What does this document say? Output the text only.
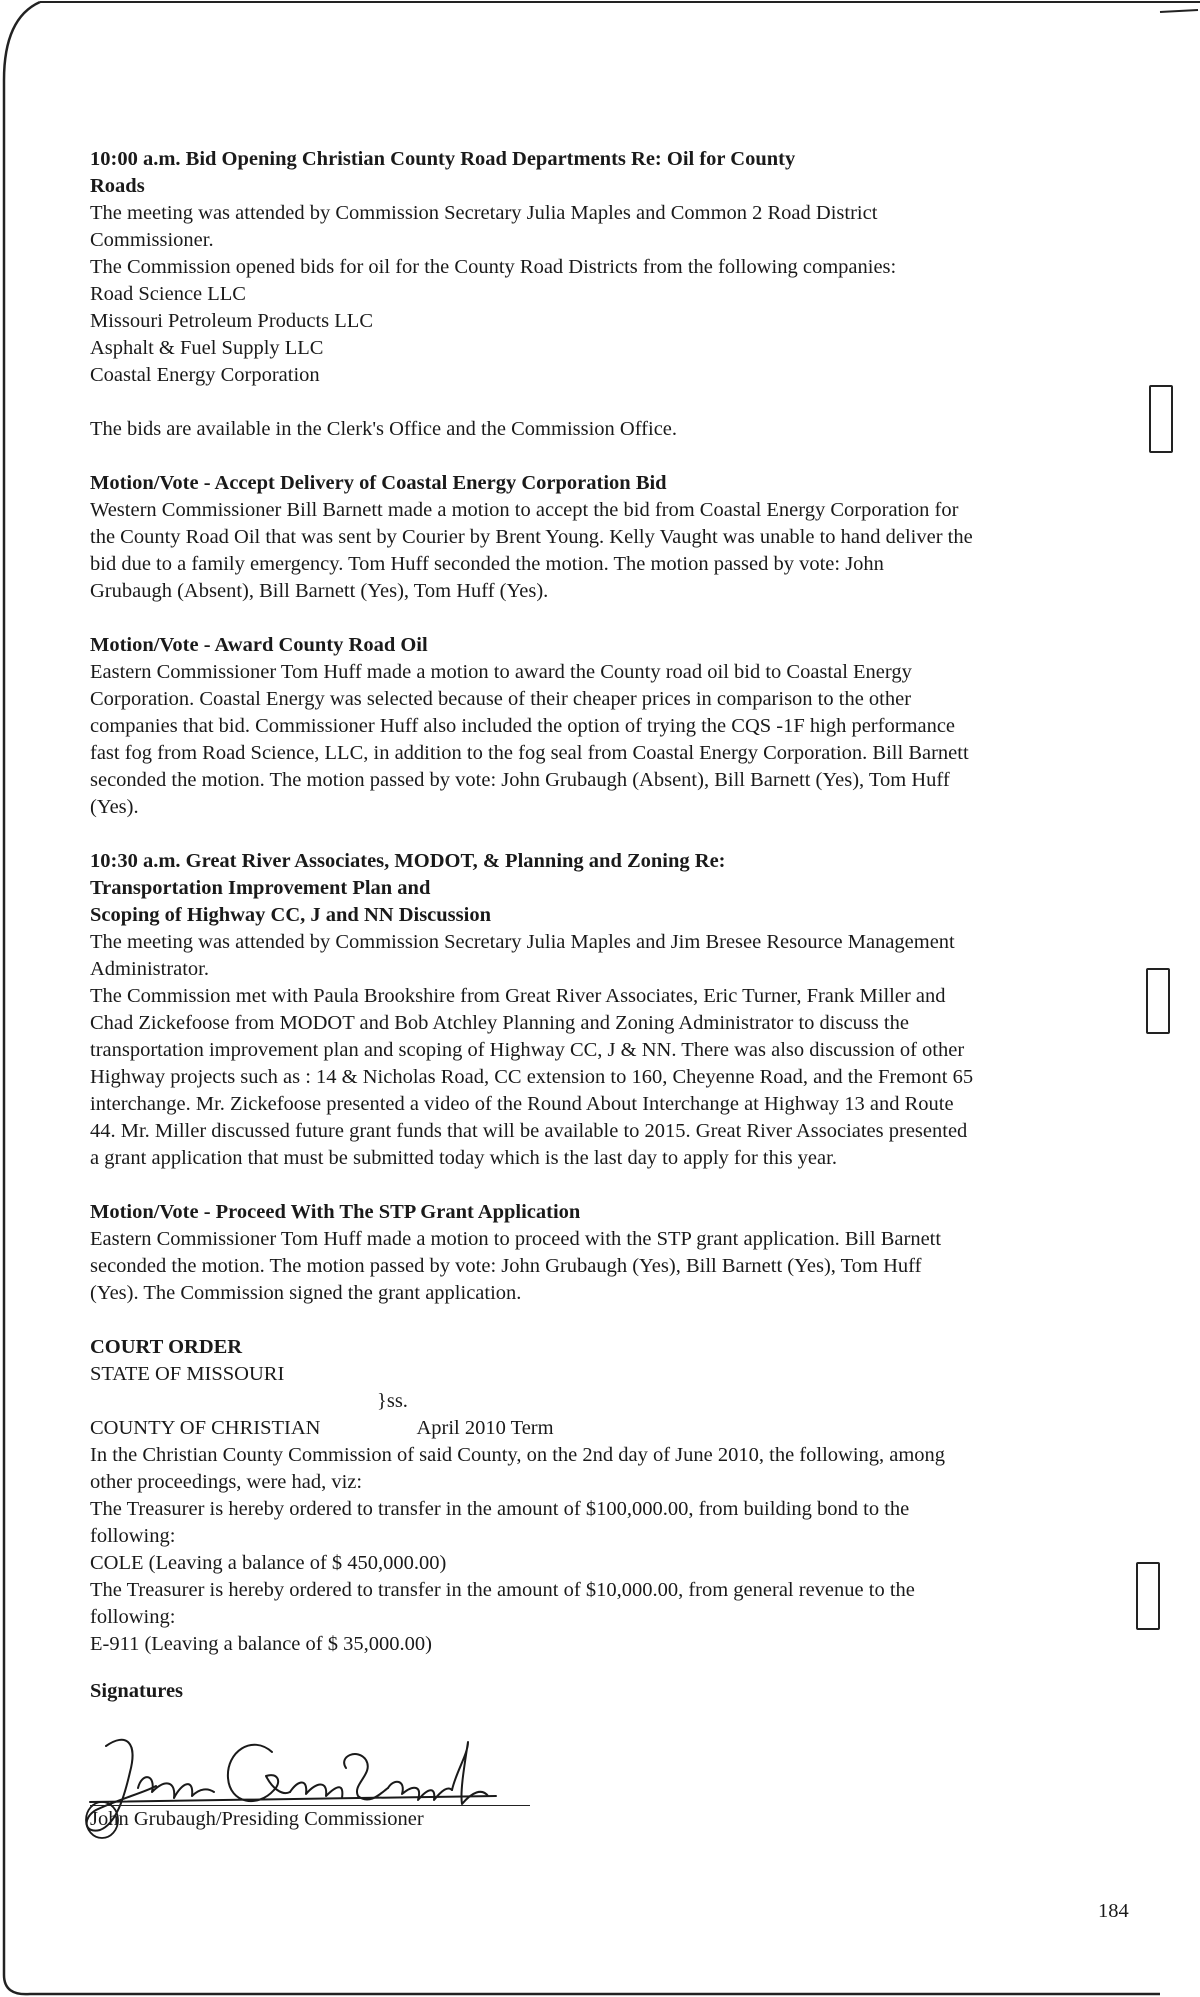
10:00 a.m. Bid Opening Christian County Road Departments Re: Oil for County

Roads

The meeting was attended by Commission Secretary Julia Maples and Common 2 Road District

Commissioner.

The Commission opened bids for oil for the County Road Districts from the following companies:

Road Science LLC

Missouri Petroleum Products LLC

Asphalt & Fuel Supply LLC

Coastal Energy Corporation

The bids are available in the Clerk's Office and the Commission Office.

Motion/Vote - Accept Delivery of Coastal Energy Corporation Bid

Western Commissioner Bill Barnett made a motion to accept the bid from Coastal Energy Corporation for

the County Road Oil that was sent by Courier by Brent Young. Kelly Vaught was unable to hand deliver the

bid due to a family emergency. Tom Huff seconded the motion. The motion passed by vote: John

Grubaugh (Absent), Bill Barnett (Yes), Tom Huff (Yes).

Motion/Vote - Award County Road Oil

Eastern Commissioner Tom Huff made a motion to award the County road oil bid to Coastal Energy

Corporation. Coastal Energy was selected because of their cheaper prices in comparison to the other

companies that bid. Commissioner Huff also included the option of trying the CQS -1F high performance

fast fog from Road Science, LLC, in addition to the fog seal from Coastal Energy Corporation. Bill Barnett

seconded the motion. The motion passed by vote: John Grubaugh (Absent), Bill Barnett (Yes), Tom Huff

(Yes).

10:30 a.m. Great River Associates, MODOT, & Planning and Zoning Re:

Transportation Improvement Plan and

Scoping of Highway CC, J and NN Discussion

The meeting was attended by Commission Secretary Julia Maples and Jim Bresee Resource Management

Administrator.

The Commission met with Paula Brookshire from Great River Associates, Eric Turner, Frank Miller and

Chad Zickefoose from MODOT and Bob Atchley Planning and Zoning Administrator to discuss the

transportation improvement plan and scoping of Highway CC, J & NN. There was also discussion of other

Highway projects such as : 14 & Nicholas Road, CC extension to 160, Cheyenne Road, and the Fremont 65

interchange. Mr. Zickefoose presented a video of the Round About Interchange at Highway 13 and Route

44. Mr. Miller discussed future grant funds that will be available to 2015. Great River Associates presented

a grant application that must be submitted today which is the last day to apply for this year.

Motion/Vote - Proceed With The STP Grant Application

Eastern Commissioner Tom Huff made a motion to proceed with the STP grant application. Bill Barnett

seconded the motion. The motion passed by vote: John Grubaugh (Yes), Bill Barnett (Yes), Tom Huff

(Yes). The Commission signed the grant application.

COURT ORDER

STATE OF MISSOURI

}ss.

COUNTY OF CHRISTIAN	April 2010 Term

In the Christian County Commission of said County, on the 2nd day of June 2010, the following, among

other proceedings, were had, viz:

The Treasurer is hereby ordered to transfer in the amount of $100,000.00, from building bond to the

following:

COLE (Leaving a balance of $ 450,000.00)

The Treasurer is hereby ordered to transfer in the amount of $10,000.00, from general revenue to the

following:

E-911 (Leaving a balance of $ 35,000.00)

Signatures

John Grubaugh/Presiding Commissioner
184
